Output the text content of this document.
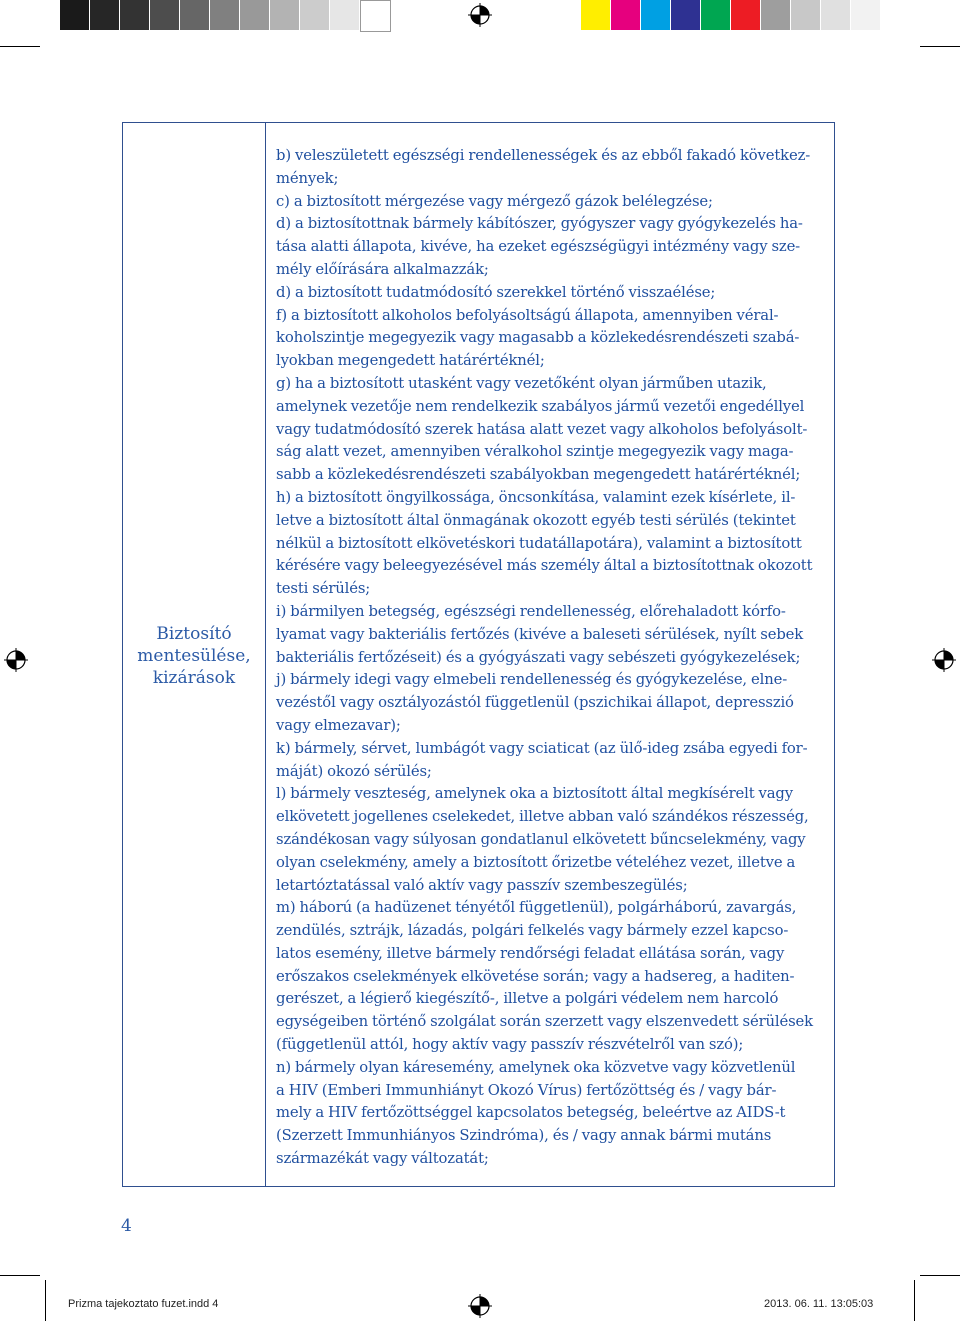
Biztosító
mentesülése,
kizárások

b) veleszületett egészségi rendellenességek és az ebből fakadó következ-

mények;

c) a biztosított mérgezése vagy mérgező gázok belélegzése;

d) a biztosítottnak bármely kábítószer, gyógyszer vagy gyógykezelés ha-

tása alatti állapota, kivéve, ha ezeket egészségügyi intézmény vagy sze-

mély előírására alkalmazzák;

d) a biztosított tudatmódosító szerekkel történő visszaélése;

f) a biztosított alkoholos befolyásoltságú állapota, amennyiben véral-

koholszintje megegyezik vagy magasabb a közlekedésrendészeti szabá-

lyokban megengedett határértéknél;

g) ha a biztosított utasként vagy vezetőként olyan járműben utazik,

amelynek vezetője nem rendelkezik szabályos jármű vezetői engedéllyel

vagy tudatmódosító szerek hatása alatt vezet vagy alkoholos befolyásolt-

ság alatt vezet, amennyiben véralkohol szintje megegyezik vagy maga-

sabb a közlekedésrendészeti szabályokban megengedett határértéknél;

h) a biztosított öngyilkossága, öncsonkítása, valamint ezek kísérlete, il-

letve a biztosított által önmagának okozott egyéb testi sérülés (tekintet

nélkül a biztosított elkövetéskori tudatállapotára), valamint a biztosított

kérésére vagy beleegyezésével más személy által a biztosítottnak okozott

testi sérülés;

i) bármilyen betegség, egészségi rendellenesség, előrehaladott kórfo-

lyamat vagy bakteriális fertőzés (kivéve a baleseti sérülések, nyílt sebek

bakteriális fertőzéseit) és a gyógyászati vagy sebészeti gyógykezelések;

j) bármely idegi vagy elmebeli rendellenesség és gyógykezelése, elne-

vezéstől vagy osztályozástól függetlenül (pszichikai állapot, depresszió

vagy elmezavar);

k) bármely, sérvet, lumbágót vagy sciaticat (az ülő-ideg zsába egyedi for-

máját) okozó sérülés;

l) bármely veszteség, amelynek oka a biztosított által megkísérelt vagy

elkövetett jogellenes cselekedet, illetve abban való szándékos részesség,

szándékosan vagy súlyosan gondatlanul elkövetett bűncselekmény, vagy

olyan cselekmény, amely a biztosított őrizetbe vételéhez vezet, illetve a

letartóztatással való aktív vagy passzív szembeszegülés;

m) háború (a hadüzenet tényétől függetlenül), polgárháború, zavargás,

zendülés, sztrájk, lázadás, polgári felkelés vagy bármely ezzel kapcso-

latos esemény, illetve bármely rendőrségi feladat ellátása során, vagy

erőszakos cselekmények elkövetése során; vagy a hadsereg, a haditen-

gerészet, a légierő kiegészítő-, illetve a polgári védelem nem harcoló

egységeiben történő szolgálat során szerzett vagy elszenvedett sérülések

(függetlenül attól, hogy aktív vagy passzív részvételről van szó);

n) bármely olyan káresemény, amelynek oka közvetve vagy közvetlenül

a HIV (Emberi Immunhiányt Okozó Vírus) fertőzöttség és / vagy bár-

mely a HIV fertőzöttséggel kapcsolatos betegség, beleértve az AIDS-t

(Szerzett Immunhiányos Szindróma), és / vagy annak bármi mutáns

származékát vagy változatát;

4
Prizma tajekoztato fuzet.indd 4	2013. 06. 11. 13:05:03
